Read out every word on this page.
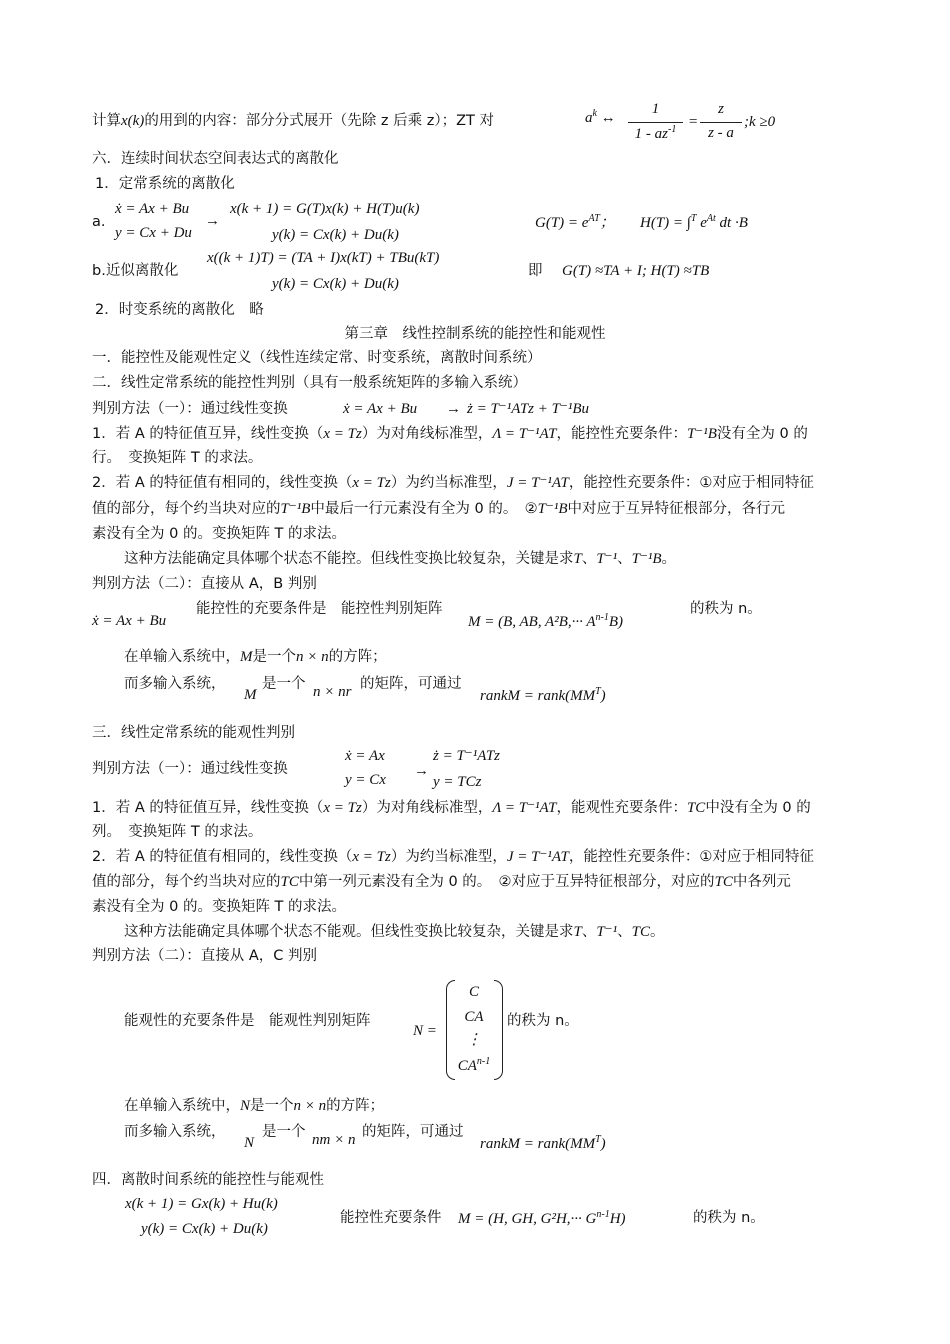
计算x(k)的用到的内容：部分分式展开（先除 z 后乘 z）；ZT 对	$a^k$ ↔
1
$1 - az^{-1}$ =
z
z - a
;k ≥0
六．连续时间状态空间表达式的离散化
1．定常系统的离散化
a.
ẋ = Ax + Bu
y = Cx + Du
→
x(k + 1) = G(T)x(k) + H(T)u(k)
y(k) = Cx(k) + Du(k)
$G(T) = e^{AT}$； H(T) = ∫$^T$ $e^{At}$ dt ·B
b.近似离散化
x((k + 1)T) = (TA + I)x(kT) + TBu(kT)
y(k) = Cx(k) + Du(k)
即 G(T) ≈TA + I; H(T) ≈TB
2．时变系统的离散化　略
第三章　线性控制系统的能控性和能观性
一．能控性及能观性定义（线性连续定常、时变系统，离散时间系统）
二．线性定常系统的能控性判别（具有一般系统矩阵的多输入系统）
判别方法（一）：通过线性变换	ẋ = Ax + Bu → ż = T⁻¹ATz + T⁻¹Bu
1．若 A 的特征值互异，线性变换（x = Tz）为对角线标准型，Λ = T⁻¹AT，能控性充要条件：T⁻¹B没有全为 0 的
行。　变换矩阵 T 的求法。
2．若 A 的特征值有相同的，线性变换（x = Tz）为约当标准型，J = T⁻¹AT，能控性充要条件：①对应于相同特征
值的部分，每个约当块对应的T⁻¹B中最后一行元素没有全为 0 的。　②T⁻¹B中对应于互异特征根部分，各行元
素没有全为 0 的。变换矩阵 T 的求法。
这种方法能确定具体哪个状态不能控。但线性变换比较复杂，关键是求T、T⁻¹、T⁻¹B。
判别方法（二）：直接从 A，B 判别
ẋ = Ax + Bu
能控性的充要条件是　能控性判别矩阵
M = (B, AB, $A^2B,\cdot\cdot\cdot A^{n-1}B$)
的秩为 n。
在单输入系统中，M是一个n × n的方阵；
而多输入系统，
M
是一个 n × nr 的矩阵，可通过
rankM = $rank(MM^T)$
三．线性定常系统的能观性判别
判别方法（一）：通过线性变换
ẋ = Ax
y = Cx
→
ż = T⁻¹ATz
y = TCz
1．若 A 的特征值互异，线性变换（x = Tz）为对角线标准型，Λ = T⁻¹AT，能观性充要条件：TC中没有全为 0 的
列。　变换矩阵 T 的求法。
2．若 A 的特征值有相同的，线性变换（x = Tz）为约当标准型，J = T⁻¹AT，能控性充要条件：①对应于相同特征
值的部分，每个约当块对应的TC中第一列元素没有全为 0 的。　②对应于互异特征根部分，对应的TC中各列元
素没有全为 0 的。变换矩阵 T 的求法。
这种方法能确定具体哪个状态不能观。但线性变换比较复杂，关键是求T、T⁻¹、TC。
判别方法（二）：直接从 A，C 判别
能观性的充要条件是　能观性判别矩阵
N =
C
CA
⋮
CA$^{n-1}$
的秩为 n。
在单输入系统中，N是一个n × n的方阵；
而多输入系统，
N
是一个 nm × n 的矩阵，可通过
rankM = $rank(MM^T)$
四．离散时间系统的能控性与能观性
x(k + 1) = Gx(k) + Hu(k)
y(k) = Cx(k) + Du(k)
能控性充要条件 M = (H, GH, $G^2H,\cdot\cdot\cdot G^{n-1}H$)	的秩为 n。
